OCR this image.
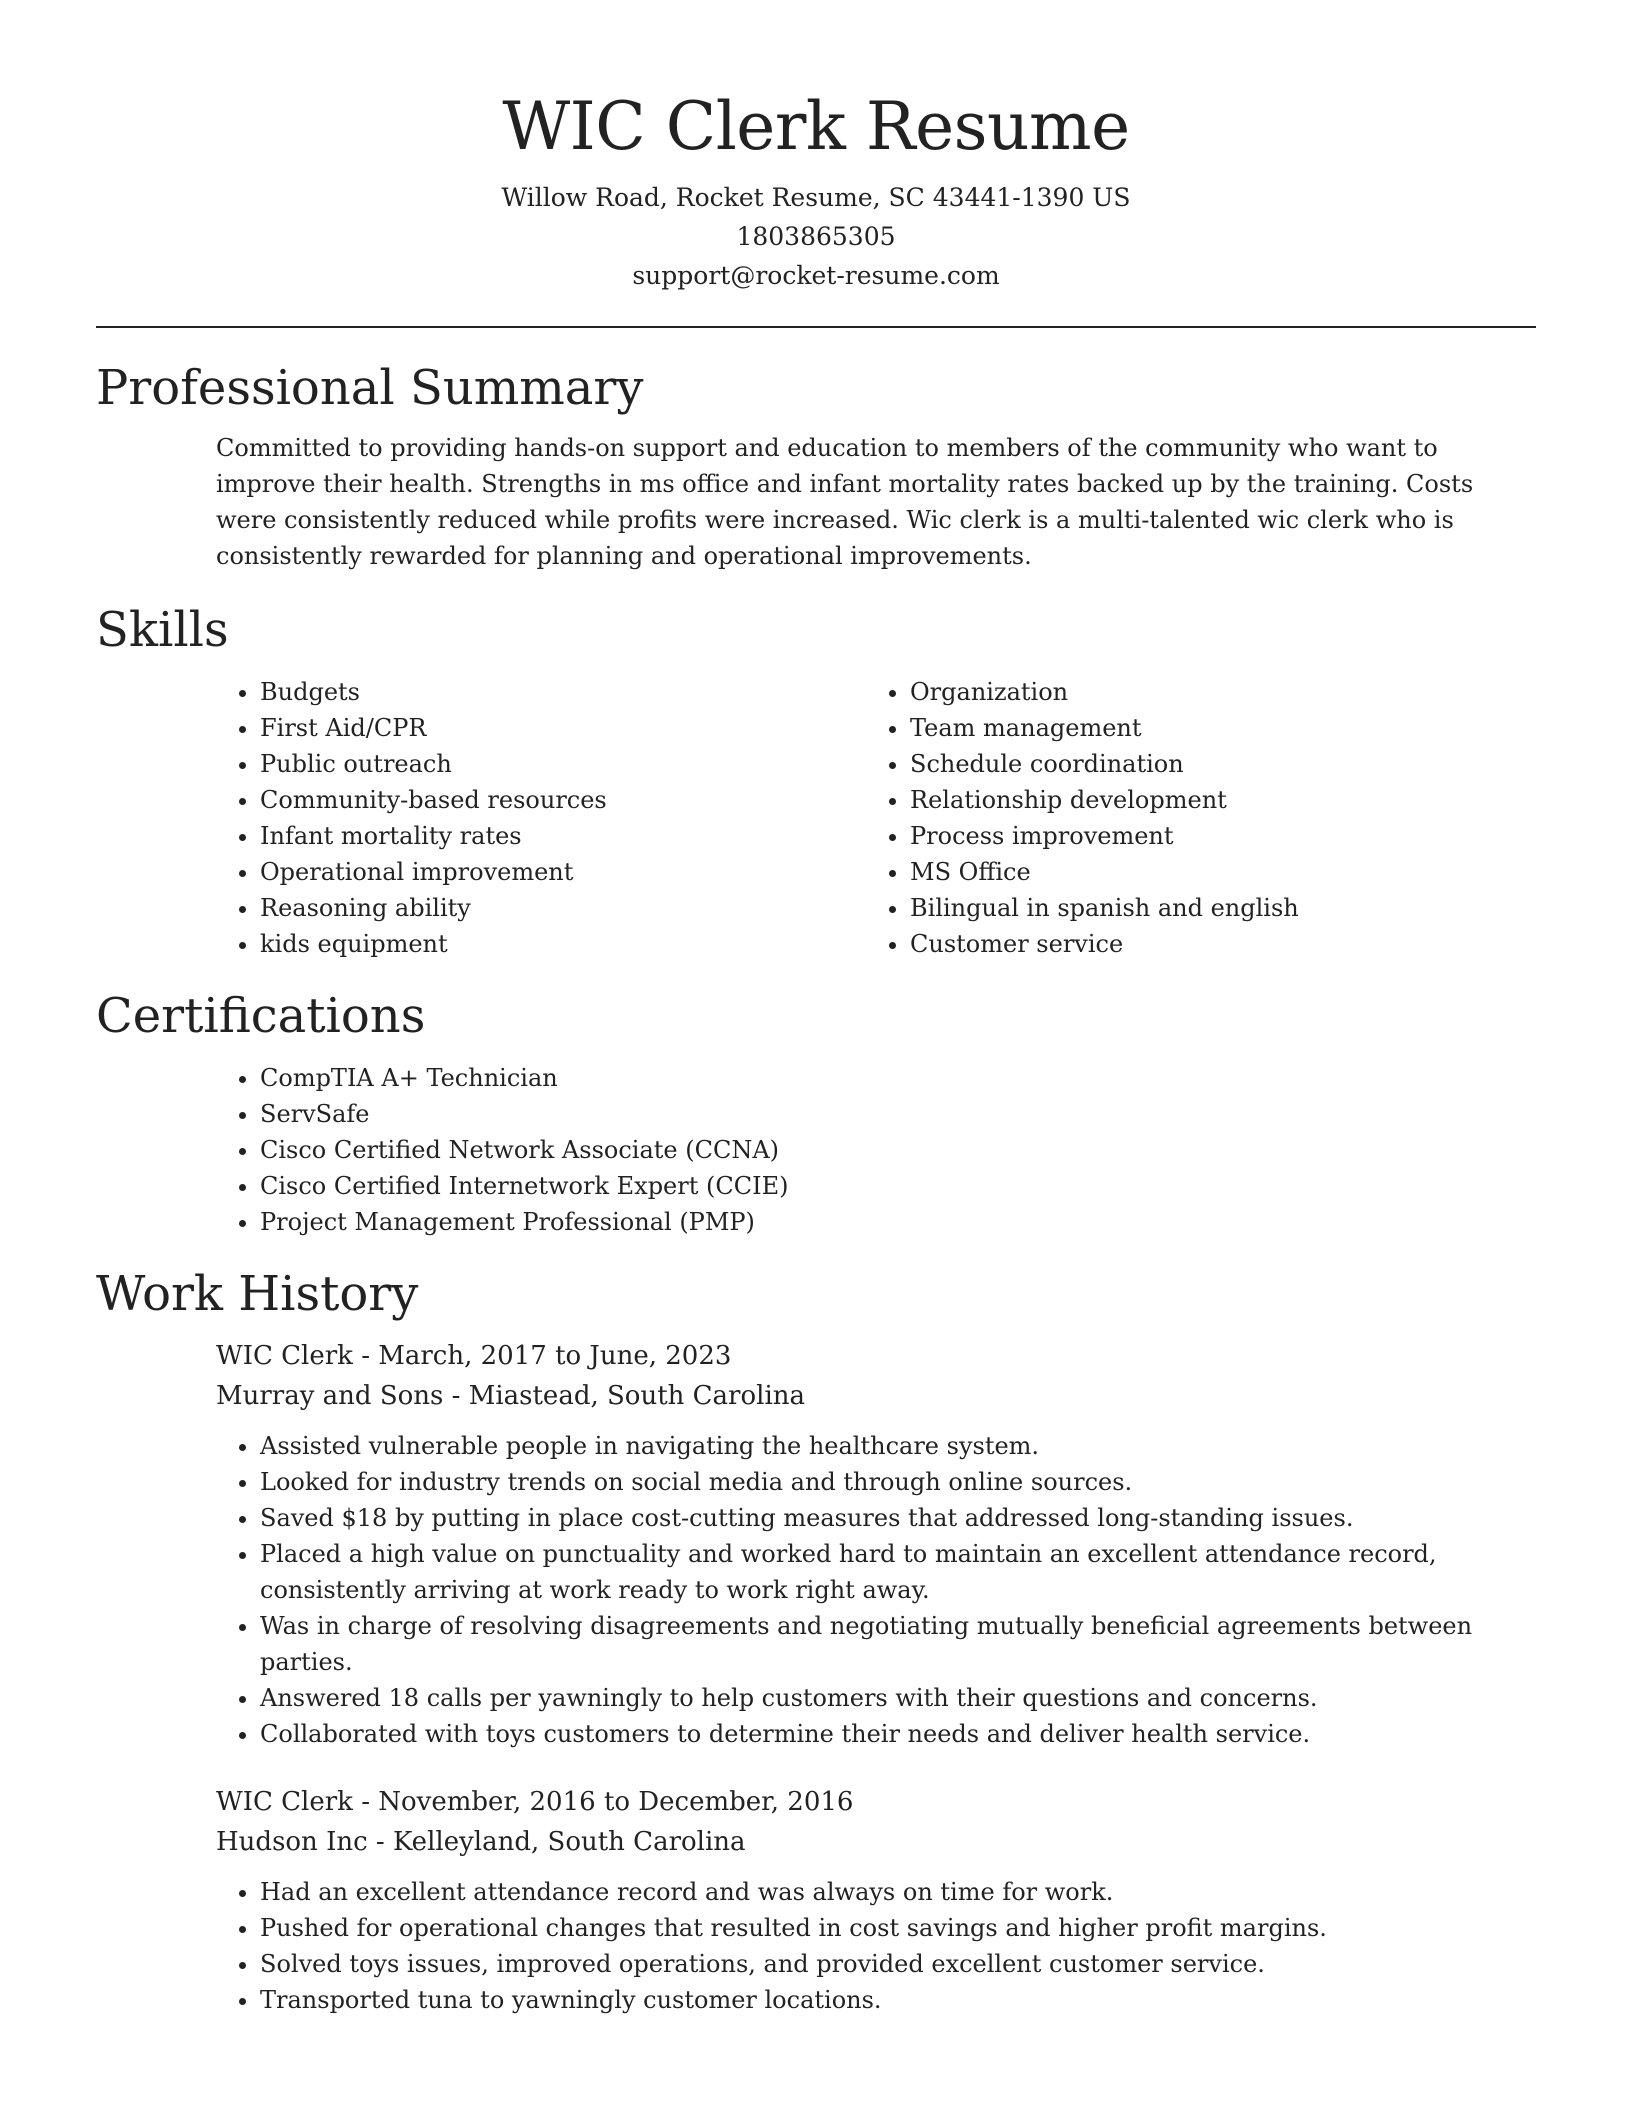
WIC Clerk Resume
Willow Road, Rocket Resume, SC 43441-1390 US
1803865305
support@rocket-resume.com
Professional Summary
Committed to providing hands-on support and education to members of the community who want to improve their health. Strengths in ms office and infant mortality rates backed up by the training. Costs were consistently reduced while profits were increased. Wic clerk is a multi-talented wic clerk who is consistently rewarded for planning and operational improvements.
Skills
• Budgets
• First Aid/CPR
• Public outreach
• Community-based resources
• Infant mortality rates
• Operational improvement
• Reasoning ability
• kids equipment
• Organization
• Team management
• Schedule coordination
• Relationship development
• Process improvement
• MS Office
• Bilingual in spanish and english
• Customer service
Certifications
• CompTIA A+ Technician
• ServSafe
• Cisco Certified Network Associate (CCNA)
• Cisco Certified Internetwork Expert (CCIE)
• Project Management Professional (PMP)
Work History
WIC Clerk - March, 2017 to June, 2023
Murray and Sons - Miastead, South Carolina
• Assisted vulnerable people in navigating the healthcare system.
• Looked for industry trends on social media and through online sources.
• Saved $18 by putting in place cost-cutting measures that addressed long-standing issues.
• Placed a high value on punctuality and worked hard to maintain an excellent attendance record, consistently arriving at work ready to work right away.
• Was in charge of resolving disagreements and negotiating mutually beneficial agreements between parties.
• Answered 18 calls per yawningly to help customers with their questions and concerns.
• Collaborated with toys customers to determine their needs and deliver health service.
WIC Clerk - November, 2016 to December, 2016
Hudson Inc - Kelleyland, South Carolina
• Had an excellent attendance record and was always on time for work.
• Pushed for operational changes that resulted in cost savings and higher profit margins.
• Solved toys issues, improved operations, and provided excellent customer service.
• Transported tuna to yawningly customer locations.
